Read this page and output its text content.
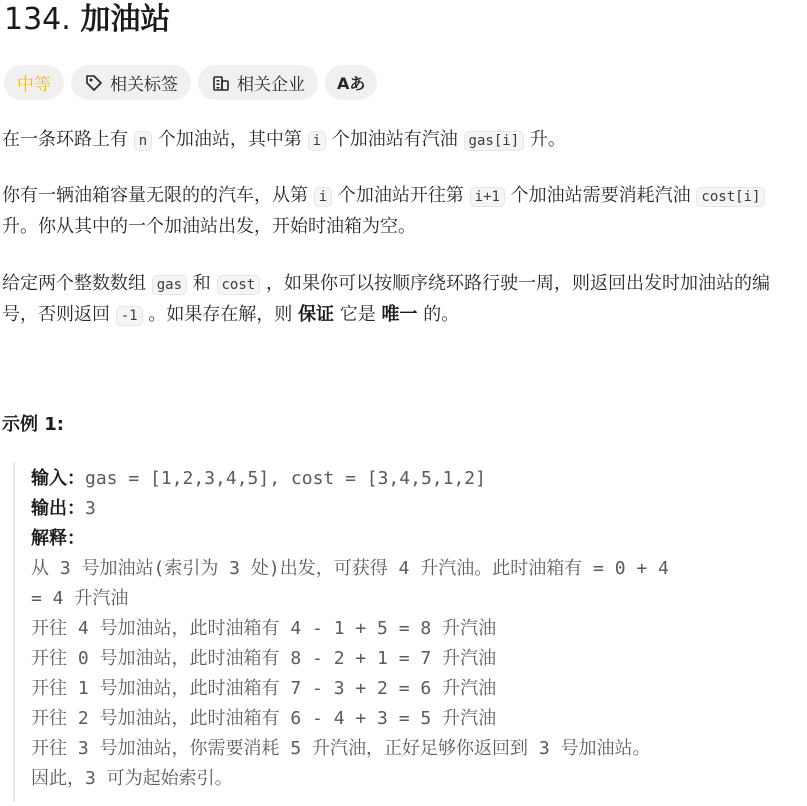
134. 加油站
中等	相关标签	相关企业 Aあ
在一条环路上有 n 个加油站，其中第 i 个加油站有汽油 gas[i] 升。
你有一辆油箱容量无限的的汽车，从第 i 个加油站开往第 i+1 个加油站需要消耗汽油 cost[i] 升。你从其中的一个加油站出发，开始时油箱为空。
给定两个整数数组 gas 和 cost ，如果你可以按顺序绕环路行驶一周，则返回出发时加油站的编号，否则返回 -1 。如果存在解，则 保证 它是 唯一 的。
示例 1:
输入：gas = [1,2,3,4,5], cost = [3,4,5,1,2]
输出：3
解释：
从 3 号加油站(索引为 3 处)出发，可获得 4 升汽油。此时油箱有 = 0 + 4
= 4 升汽油
开往 4 号加油站，此时油箱有 4 - 1 + 5 = 8 升汽油
开往 0 号加油站，此时油箱有 8 - 2 + 1 = 7 升汽油
开往 1 号加油站，此时油箱有 7 - 3 + 2 = 6 升汽油
开往 2 号加油站，此时油箱有 6 - 4 + 3 = 5 升汽油
开往 3 号加油站，你需要消耗 5 升汽油，正好足够你返回到 3 号加油站。
因此，3 可为起始索引。
